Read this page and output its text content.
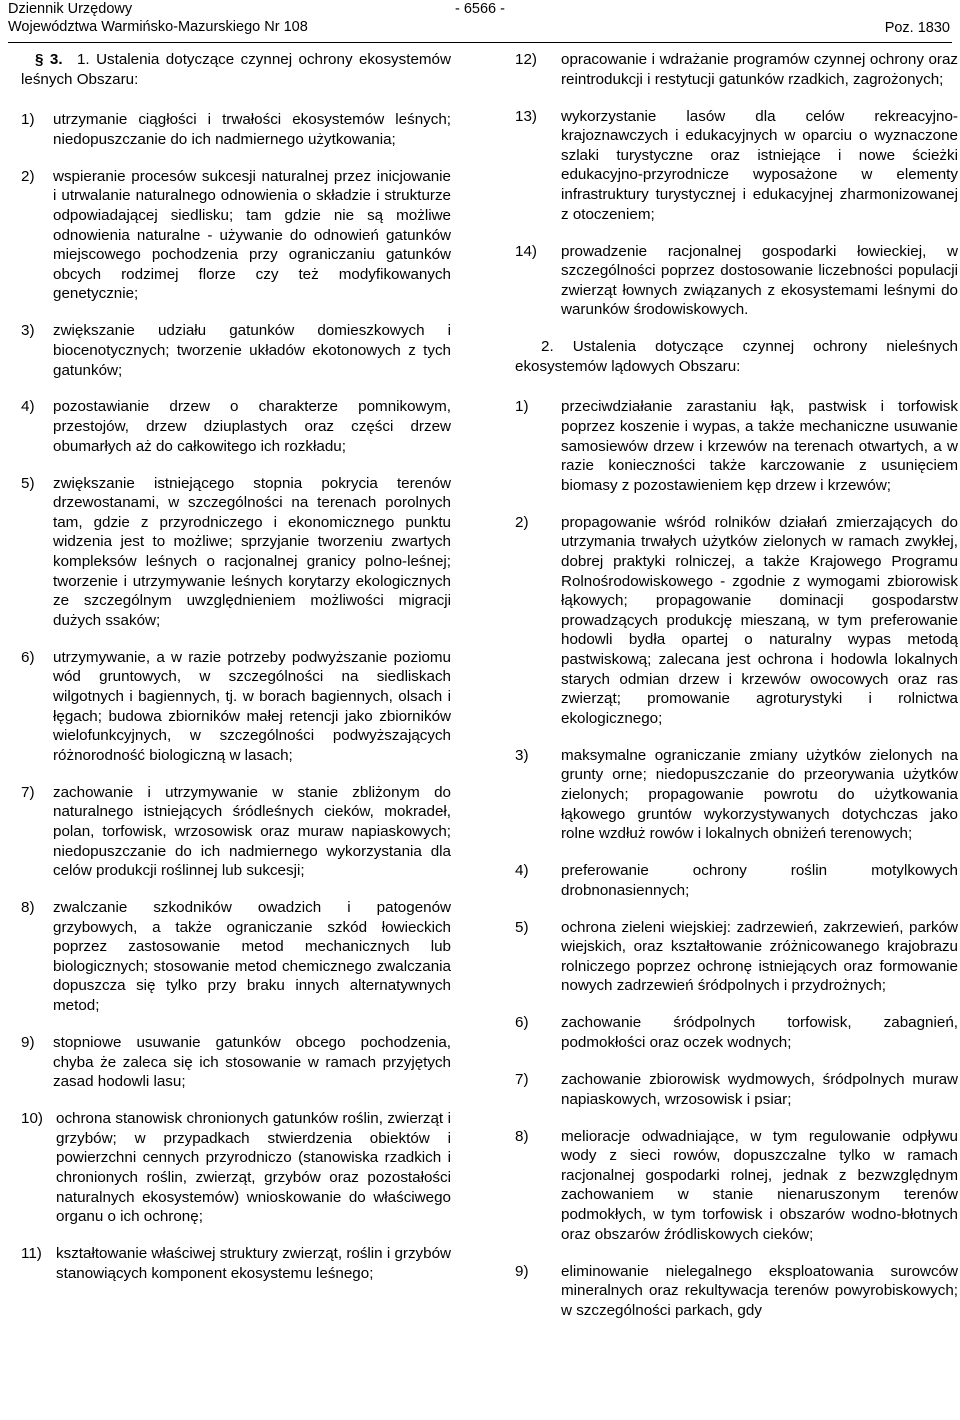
Dziennik Urzędowy
Województwa Warmińsko-Mazurskiego Nr 108
- 6566 -
Poz. 1830

§ 3. 1. Ustalenia dotyczące czynnej ochrony ekosystemów leśnych Obszaru:

1)	utrzymanie ciągłości i trwałości ekosystemów leśnych; niedopuszczanie do ich nadmiernego użytkowania;
2)	wspieranie procesów sukcesji naturalnej przez inicjowanie i utrwalanie naturalnego odnowienia o składzie i strukturze odpowiadającej siedlisku; tam gdzie nie są możliwe odnowienia naturalne - używanie do odnowień gatunków miejscowego pochodzenia przy ograniczaniu gatunków obcych rodzimej florze czy też modyfikowanych genetycznie;
3)	zwiększanie udziału gatunków domieszkowych i biocenotycznych; tworzenie układów ekotonowych z tych gatunków;
4)	pozostawianie drzew o charakterze pomnikowym, przestojów, drzew dziuplastych oraz części drzew obumarłych aż do całkowitego ich rozkładu;
5)	zwiększanie istniejącego stopnia pokrycia terenów drzewostanami, w szczególności na terenach porolnych tam, gdzie z przyrodniczego i ekonomicznego punktu widzenia jest to możliwe; sprzyjanie tworzeniu zwartych kompleksów leśnych o racjonalnej granicy polno-leśnej; tworzenie i utrzymywanie leśnych korytarzy ekologicznych ze szczególnym uwzględnieniem możliwości migracji dużych ssaków;
6)	utrzymywanie, a w razie potrzeby podwyższanie poziomu wód gruntowych, w szczególności na siedliskach wilgotnych i bagiennych, tj. w borach bagiennych, olsach i łęgach; budowa zbiorników małej retencji jako zbiorników wielofunkcyjnych, w szczególności podwyższających różnorodność biologiczną w lasach;
7)	zachowanie i utrzymywanie w stanie zbliżonym do naturalnego istniejących śródleśnych cieków, mokradeł, polan, torfowisk, wrzosowisk oraz muraw napiaskowych; niedopuszczanie do ich nadmiernego wykorzystania dla celów produkcji roślinnej lub sukcesji;
8)	zwalczanie szkodników owadzich i patogenów grzybowych, a także ograniczanie szkód łowieckich poprzez zastosowanie metod mechanicznych lub biologicznych; stosowanie metod chemicznego zwalczania dopuszcza się tylko przy braku innych alternatywnych metod;
9)	stopniowe usuwanie gatunków obcego pochodzenia, chyba że zaleca się ich stosowanie w ramach przyjętych zasad hodowli lasu;
10) ochrona stanowisk chronionych gatunków roślin, zwierząt i grzybów; w przypadkach stwierdzenia obiektów i powierzchni cennych przyrodniczo (stanowiska rzadkich i chronionych roślin, zwierząt, grzybów oraz pozostałości naturalnych ekosystemów) wnioskowanie do właściwego organu o ich ochronę;
11) kształtowanie właściwej struktury zwierząt, roślin i grzybów stanowiących komponent ekosystemu leśnego;
12)	opracowanie i wdrażanie programów czynnej ochrony oraz reintrodukcji i restytucji gatunków rzadkich, zagrożonych;
13)	wykorzystanie lasów dla celów rekreacyjno-krajoznawczych i edukacyjnych w oparciu o wyznaczone szlaki turystyczne oraz istniejące i nowe ścieżki edukacyjno-przyrodnicze wyposażone w elementy infrastruktury turystycznej i edukacyjnej zharmonizowanej z otoczeniem;
14)	prowadzenie racjonalnej gospodarki łowieckiej, w szczególności poprzez dostosowanie liczebności populacji zwierząt łownych związanych z ekosystemami leśnymi do warunków środowiskowych.

2. Ustalenia dotyczące czynnej ochrony nieleśnych ekosystemów lądowych Obszaru:

1)	przeciwdziałanie zarastaniu łąk, pastwisk i torfowisk poprzez koszenie i wypas, a także mechaniczne usuwanie samosiewów drzew i krzewów na terenach otwartych, a w razie konieczności także karczowanie z usunięciem biomasy z pozostawieniem kęp drzew i krzewów;
2)	propagowanie wśród rolników działań zmierzających do utrzymania trwałych użytków zielonych w ramach zwykłej, dobrej praktyki rolniczej, a także Krajowego Programu Rolnośrodowiskowego - zgodnie z wymogami zbiorowisk łąkowych; propagowanie dominacji gospodarstw prowadzących produkcję mieszaną, w tym preferowanie hodowli bydła opartej o naturalny wypas metodą pastwiskową; zalecana jest ochrona i hodowla lokalnych starych odmian drzew i krzewów owocowych oraz ras zwierząt; promowanie agroturystyki i rolnictwa ekologicznego;
3)	maksymalne ograniczanie zmiany użytków zielonych na grunty orne; niedopuszczanie do przeorywania użytków zielonych; propagowanie powrotu do użytkowania łąkowego gruntów wykorzystywanych dotychczas jako rolne wzdłuż rowów i lokalnych obniżeń terenowych;
4)	preferowanie ochrony roślin motylkowych drobnonasiennych;
5)	ochrona zieleni wiejskiej: zadrzewień, zakrzewień, parków wiejskich, oraz kształtowanie zróżnicowanego krajobrazu rolniczego poprzez ochronę istniejących oraz formowanie nowych zadrzewień śródpolnych i przydrożnych;
6)	zachowanie śródpolnych torfowisk, zabagnień, podmokłości oraz oczek wodnych;
7)	zachowanie zbiorowisk wydmowych, śródpolnych muraw napiaskowych, wrzosowisk i psiar;
8)	melioracje odwadniające, w tym regulowanie odpływu wody z sieci rowów, dopuszczalne tylko w ramach racjonalnej gospodarki rolnej, jednak z bezwzględnym zachowaniem w stanie nienaruszonym terenów podmokłych, w tym torfowisk i obszarów wodno-błotnych oraz obszarów źródliskowych cieków;
9)	eliminowanie nielegalnego eksploatowania surowców mineralnych oraz rekultywacja terenów powyrobiskowych; w szczególności parkach, gdy
